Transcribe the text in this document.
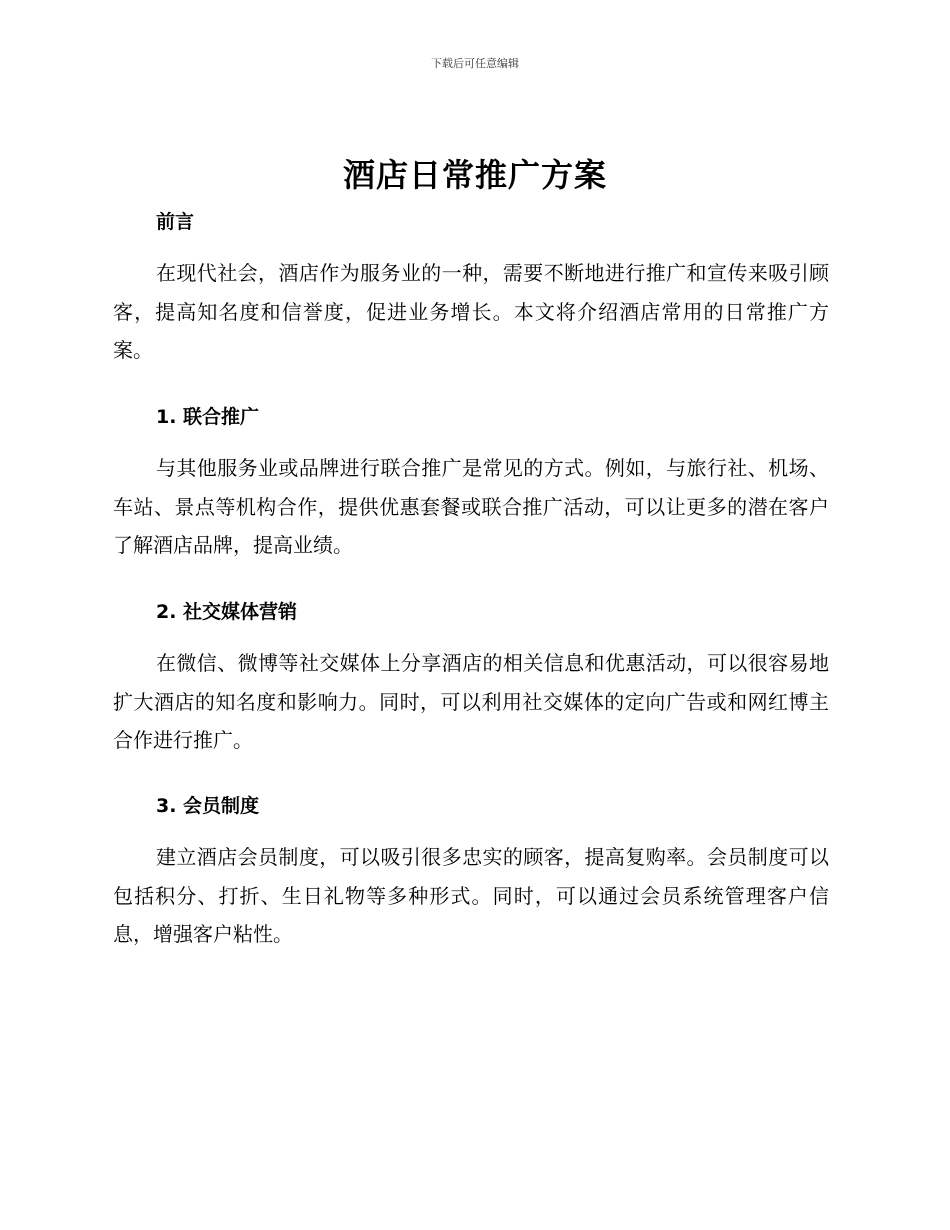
下载后可任意编辑
酒店日常推广方案
前言

在现代社会，酒店作为服务业的一种，需要不断地进行推广和宣传来吸引顾客，提高知名度和信誉度，促进业务增长。本文将介绍酒店常用的日常推广方案。

1. 联合推广

与其他服务业或品牌进行联合推广是常见的方式。例如，与旅行社、机场、车站、景点等机构合作，提供优惠套餐或联合推广活动，可以让更多的潜在客户了解酒店品牌，提高业绩。

2. 社交媒体营销

在微信、微博等社交媒体上分享酒店的相关信息和优惠活动，可以很容易地扩大酒店的知名度和影响力。同时，可以利用社交媒体的定向广告或和网红博主合作进行推广。

3. 会员制度

建立酒店会员制度，可以吸引很多忠实的顾客，提高复购率。会员制度可以包括积分、打折、生日礼物等多种形式。同时，可以通过会员系统管理客户信息，增强客户粘性。
